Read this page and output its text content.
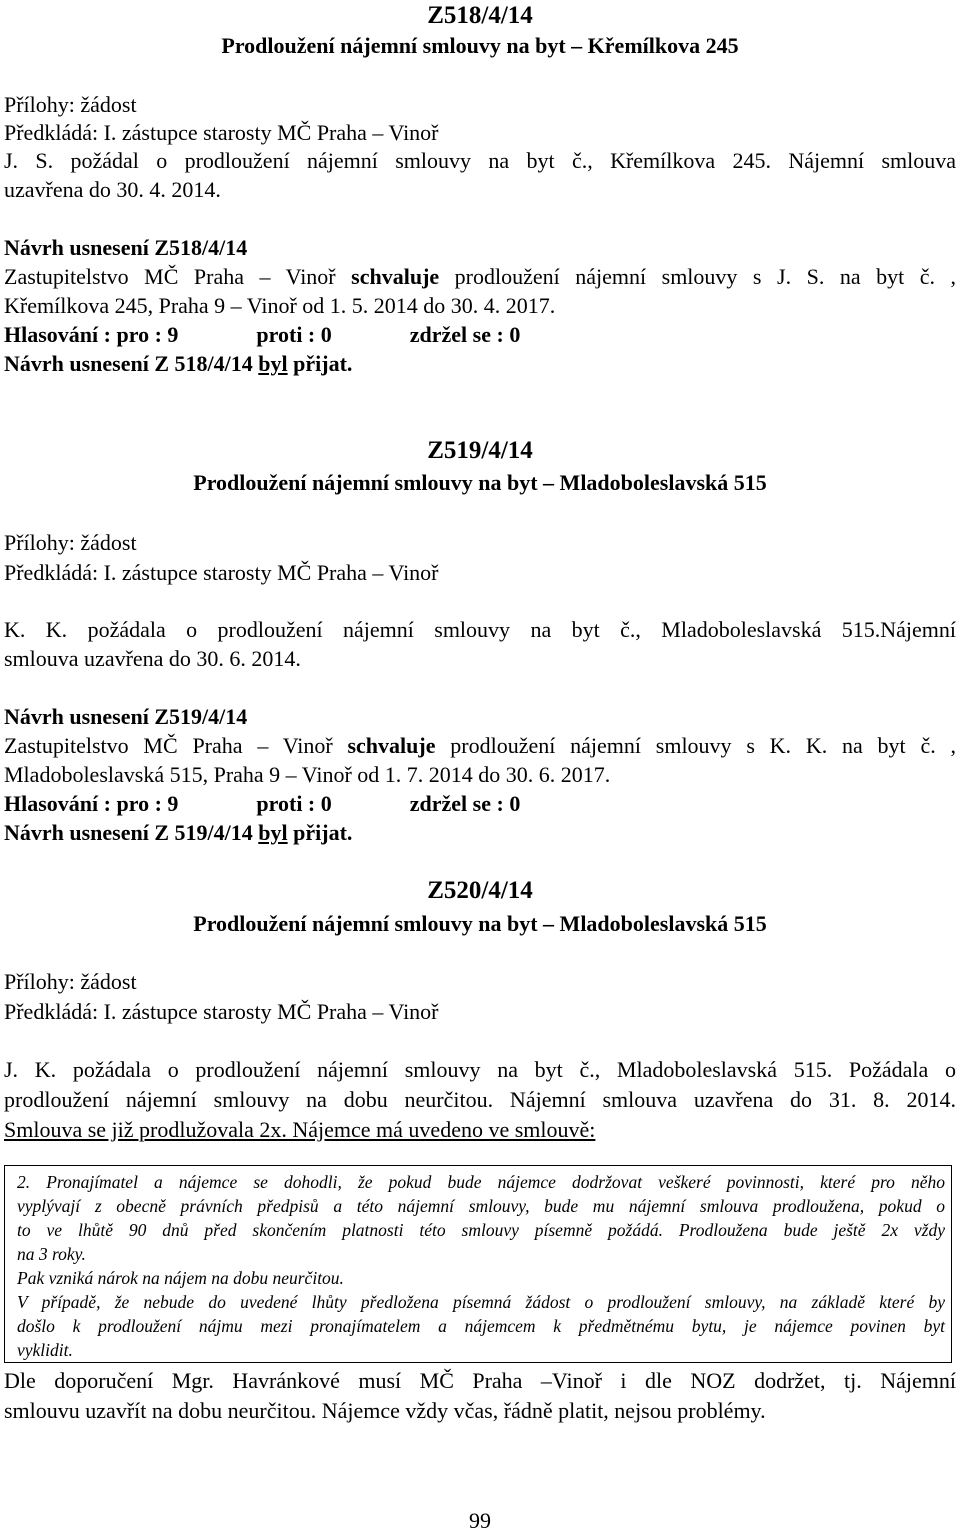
Z518/4/14
Prodloužení nájemní smlouvy na byt – Křemílkova 245
Přílohy: žádost
Předkládá: I. zástupce starosty MČ Praha – Vinoř
J. S. požádal o prodloužení nájemní smlouvy na byt č., Křemílkova 245. Nájemní smlouva
uzavřena do 30. 4. 2014.
Návrh usnesení Z518/4/14
Zastupitelstvo MČ Praha – Vinoř schvaluje prodloužení nájemní smlouvy s J. S. na byt č. ,
Křemílkova 245, Praha 9 – Vinoř od 1. 5. 2014 do 30. 4. 2017.
Hlasování : pro : 9	proti : 0	zdržel se : 0
Návrh usnesení Z 518/4/14 byl přijat.
Z519/4/14
Prodloužení nájemní smlouvy na byt – Mladoboleslavská 515
Přílohy: žádost
Předkládá: I. zástupce starosty MČ Praha – Vinoř
K. K. požádala o prodloužení nájemní smlouvy na byt č., Mladoboleslavská 515.Nájemní
smlouva uzavřena do 30. 6. 2014.
Návrh usnesení Z519/4/14
Zastupitelstvo MČ Praha – Vinoř schvaluje prodloužení nájemní smlouvy s K. K. na byt č. ,
Mladoboleslavská 515, Praha 9 – Vinoř od 1. 7. 2014 do 30. 6. 2017.
Hlasování : pro : 9	proti : 0	zdržel se : 0
Návrh usnesení Z 519/4/14 byl přijat.
Z520/4/14
Prodloužení nájemní smlouvy na byt – Mladoboleslavská 515
Přílohy: žádost
Předkládá: I. zástupce starosty MČ Praha – Vinoř
J. K. požádala o prodloužení nájemní smlouvy na byt č., Mladoboleslavská 515. Požádala o
prodloužení nájemní smlouvy na dobu neurčitou. Nájemní smlouva uzavřena do 31. 8. 2014.
Smlouva se již prodlužovala 2x. Nájemce má uvedeno ve smlouvě:
2. Pronajímatel a nájemce se dohodli, že pokud bude nájemce dodržovat veškeré povinnosti, které pro něho
vyplývají z obecně právních předpisů a této nájemní smlouvy, bude mu nájemní smlouva prodloužena, pokud o
to ve lhůtě 90 dnů před skončením platnosti této smlouvy písemně požádá. Prodloužena bude ještě 2x vždy
na 3 roky.
Pak vzniká nárok na nájem na dobu neurčitou.
V případě, že nebude do uvedené lhůty předložena písemná žádost o prodloužení smlouvy, na základě které by
došlo k prodloužení nájmu mezi pronajímatelem a nájemcem k předmětnému bytu, je nájemce povinen byt
vyklidit.
Dle doporučení Mgr. Havránkové musí MČ Praha –Vinoř i dle NOZ dodržet, tj. Nájemní
smlouvu uzavřít na dobu neurčitou. Nájemce vždy včas, řádně platit, nejsou problémy.
99
